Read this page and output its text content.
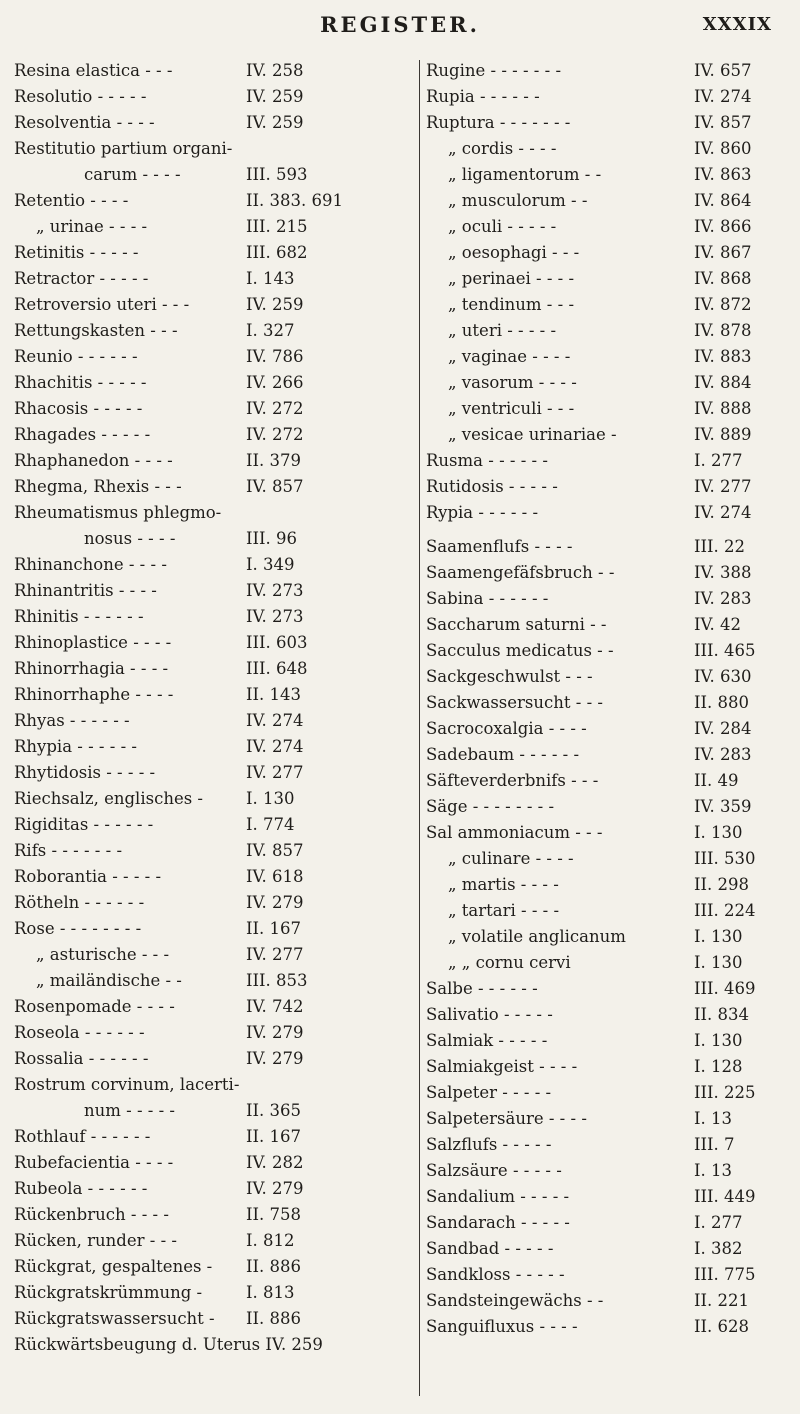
REGISTER.	XXXIX
Resina elastica - - -	IV. 258
Resolutio - - - - -	IV. 259
Resolventia - - - -	IV. 259
Restitutio partium organi-
carum - - - -	III. 593
Retentio - - - -	II. 383. 691
„ urinae - - - -	III. 215
Retinitis - - - - -	III. 682
Retractor - - - - -	I. 143
Retroversio uteri - - -	IV. 259
Rettungskasten - - -	I. 327
Reunio - - - - - -	IV. 786
Rhachitis - - - - -	IV. 266
Rhacosis - - - - -	IV. 272
Rhagades - - - - -	IV. 272
Rhaphanedon - - - -	II. 379
Rhegma, Rhexis - - -	IV. 857
Rheumatismus phlegmo-
nosus - - - -	III. 96
Rhinanchone - - - -	I. 349
Rhinantritis - - - -	IV. 273
Rhinitis - - - - - -	IV. 273
Rhinoplastice - - - -	III. 603
Rhinorrhagia - - - -	III. 648
Rhinorrhaphe - - - -	II. 143
Rhyas - - - - - -	IV. 274
Rhypia - - - - - -	IV. 274
Rhytidosis - - - - -	IV. 277
Riechsalz, englisches -	I. 130
Rigiditas - - - - - -	I. 774
Rifs - - - - - - -	IV. 857
Roborantia - - - - -	IV. 618
Rötheln - - - - - -	IV. 279
Rose - - - - - - - -	II. 167
„ asturische - - -	IV. 277
„ mailändische - -	III. 853
Rosenpomade - - - -	IV. 742
Roseola - - - - - -	IV. 279
Rossalia - - - - - -	IV. 279
Rostrum corvinum, lacerti-
num - - - - -	II. 365
Rothlauf - - - - - -	II. 167
Rubefacientia - - - -	IV. 282
Rubeola - - - - - -	IV. 279
Rückenbruch - - - -	II. 758
Rücken, runder - - -	I. 812
Rückgrat, gespaltenes - II. 886
Rückgratskrümmung -	I. 813
Rückgratswassersucht - II. 886
Rückwärtsbeugung d. Uterus IV. 259
Rugine - - - - - - -	IV. 657
Rupia - - - - - -	IV. 274
Ruptura - - - - - - -	IV. 857
„ cordis - - - -	IV. 860
„ ligamentorum - -	IV. 863
„ musculorum - -	IV. 864
„ oculi - - - - -	IV. 866
„ oesophagi - - -	IV. 867
„ perinaei - - - -	IV. 868
„ tendinum - - -	IV. 872
„ uteri - - - - -	IV. 878
„ vaginae - - - -	IV. 883
„ vasorum - - - -	IV. 884
„ ventriculi - - -	IV. 888
„ vesicae urinariae -	IV. 889
Rusma - - - - - -	I. 277
Rutidosis - - - - -	IV. 277
Rypia - - - - - -	IV. 274
Saamenflufs - - - -	III. 22
Saamengefäfsbruch - -	IV. 388
Sabina - - - - - -	IV. 283
Saccharum saturni - -	IV. 42
Sacculus medicatus - -	III. 465
Sackgeschwulst - - -	IV. 630
Sackwassersucht - - -	II. 880
Sacrocoxalgia - - - -	IV. 284
Sadebaum - - - - - -	IV. 283
Säfteverderbnifs - - -	II. 49
Säge - - - - - - - -	IV. 359
Sal ammoniacum - - -	I. 130
„ culinare - - - -	III. 530
„ martis - - - -	II. 298
„ tartari - - - -	III. 224
„ volatile anglicanum	I. 130
„ „ cornu cervi	I. 130
Salbe - - - - - -	III. 469
Salivatio - - - - -	II. 834
Salmiak - - - - -	I. 130
Salmiakgeist - - - -	I. 128
Salpeter - - - - -	III. 225
Salpetersäure - - - -	I. 13
Salzflufs - - - - -	III. 7
Salzsäure - - - - -	I. 13
Sandalium - - - - -	III. 449
Sandarach - - - - -	I. 277
Sandbad - - - - -	I. 382
Sandkloss - - - - -	III. 775
Sandsteingewächs - -	II. 221
Sanguifluxus - - - -	II. 628
